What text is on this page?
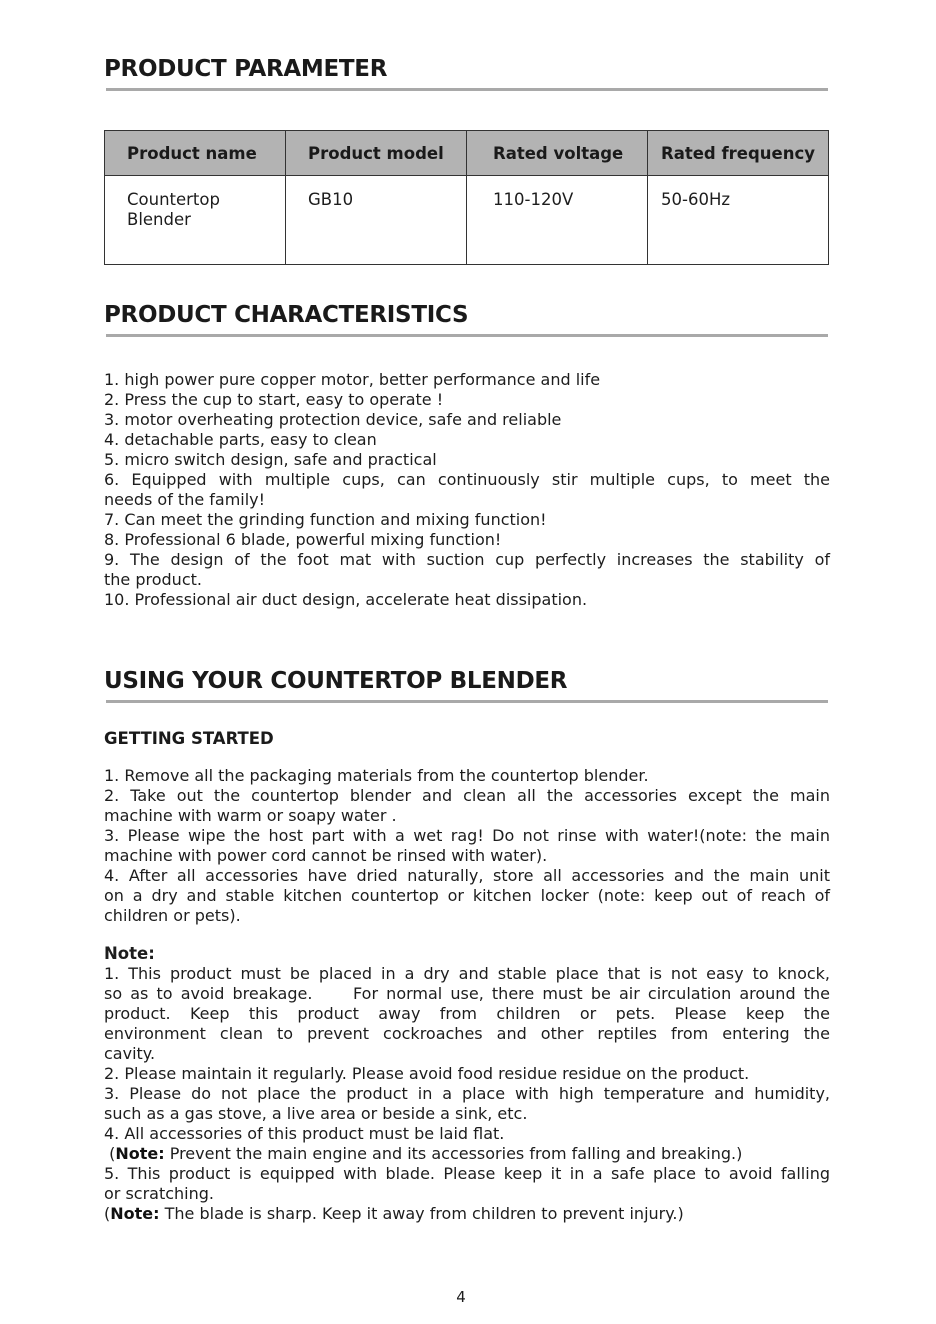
PRODUCT PARAMETER
Product name	Product model	Rated voltage	Rated frequency
Countertop Blender	GB10	110-120V	50-60Hz
PRODUCT CHARACTERISTICS
1. high power pure copper motor, better performance and life
2. Press the cup to start, easy to operate !
3. motor overheating protection device, safe and reliable
4. detachable parts, easy to clean
5. micro switch design, safe and practical
6. Equipped with multiple cups, can continuously stir multiple cups, to meet the
needs of the family!
7. Can meet the grinding function and mixing function!
8. Professional 6 blade, powerful mixing function!
9. The design of the foot mat with suction cup perfectly increases the stability of
the product.
10. Professional air duct design, accelerate heat dissipation.
USING YOUR COUNTERTOP BLENDER
GETTING STARTED
1. Remove all the packaging materials from the countertop blender.
2. Take out the countertop blender and clean all the accessories except the main
machine with warm or soapy water .
3. Please wipe the host part with a wet rag! Do not rinse with water!(note: the main
machine with power cord cannot be rinsed with water).
4. After all accessories have dried naturally, store all accessories and the main unit
on a dry and stable kitchen countertop or kitchen locker (note: keep out of reach of
children or pets).
Note:
1. This product must be placed in a dry and stable place that is not easy to knock,
so as to avoid breakage.     For normal use, there must be air circulation around the
product. Keep this product away from children or pets. Please keep the
environment clean to prevent cockroaches and other reptiles from entering the
cavity.
2. Please maintain it regularly. Please avoid food residue residue on the product.
3. Please do not place the product in a place with high temperature and humidity,
such as a gas stove, a live area or beside a sink, etc.
4. All accessories of this product must be laid flat.
(Note: Prevent the main engine and its accessories from falling and breaking.)
5. This product is equipped with blade. Please keep it in a safe place to avoid falling
or scratching.
(Note: The blade is sharp. Keep it away from children to prevent injury.)
4
